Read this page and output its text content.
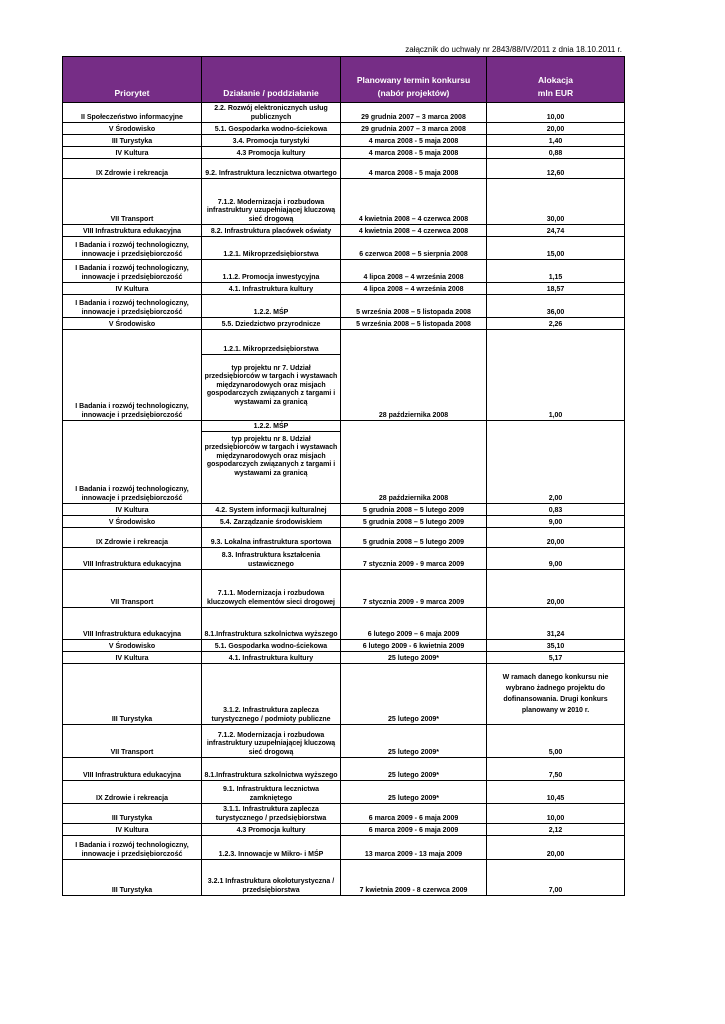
załącznik do uchwały nr 2843/88/IV/2011 z dnia 18.10.2011 r.
Priorytet	Działanie / poddziałanie	Planowany termin konkursu
(nabór projektów)	Alokacja
mln EUR
II Społeczeństwo informacyjne	2.2. Rozwój elektronicznych usług publicznych	29 grudnia 2007 – 3 marca 2008	10,00
V Środowisko	5.1. Gospodarka wodno-ściekowa	29 grudnia 2007 – 3 marca 2008	20,00
III Turystyka	3.4. Promocja turystyki	4 marca 2008 - 5 maja 2008	1,40
IV Kultura	4.3 Promocja kultury	4 marca 2008 - 5 maja 2008	0,88
IX Zdrowie i rekreacja	9.2. Infrastruktura lecznictwa otwartego	4 marca 2008 - 5 maja 2008	12,60
VII Transport	7.1.2. Modernizacja i rozbudowa infrastruktury uzupełniającej kluczową sieć drogową	4 kwietnia 2008 – 4 czerwca 2008	30,00
VIII Infrastruktura edukacyjna	8.2. Infrastruktura placówek oświaty	4 kwietnia 2008 – 4 czerwca 2008	24,74
I Badania i rozwój technologiczny, innowacje i przedsiębiorczość	1.2.1. Mikroprzedsiębiorstwa	6 czerwca 2008 – 5 sierpnia 2008	15,00
I Badania i rozwój technologiczny, innowacje i przedsiębiorczość	1.1.2. Promocja inwestycyjna	4 lipca 2008 – 4 września 2008	1,15
IV Kultura	4.1. Infrastruktura kultury	4 lipca 2008 – 4 września 2008	18,57
I Badania i rozwój technologiczny, innowacje i przedsiębiorczość	1.2.2. MŚP	5 września 2008 – 5 listopada 2008	36,00
V Środowisko	5.5. Dziedzictwo przyrodnicze	5 września 2008 – 5 listopada 2008	2,26
I Badania i rozwój technologiczny, innowacje i przedsiębiorczość	1.2.1. Mikroprzedsiębiorstwa
typ projektu nr 7. Udział przedsiębiorców w targach i wystawach międzynarodowych oraz misjach gospodarczych związanych z targami i wystawami za granicą	28 października 2008	1,00
I Badania i rozwój technologiczny, innowacje i przedsiębiorczość	1.2.2. MŚP
typ projektu nr 8. Udział przedsiębiorców w targach i wystawach międzynarodowych oraz misjach gospodarczych związanych z targami i wystawami za granicą	28 października 2008	2,00
IV Kultura	4.2. System informacji kulturalnej	5 grudnia 2008 – 5 lutego 2009	0,83
V Środowisko	5.4. Zarządzanie środowiskiem	5 grudnia 2008 – 5 lutego 2009	9,00
IX Zdrowie i rekreacja	9.3. Lokalna infrastruktura sportowa	5 grudnia 2008 – 5 lutego 2009	20,00
VIII Infrastruktura edukacyjna	8.3. Infrastruktura kształcenia ustawicznego	7 stycznia 2009 - 9 marca 2009	9,00
VII Transport	7.1.1. Modernizacja i rozbudowa kluczowych elementów sieci drogowej	7 stycznia 2009 - 9 marca 2009	20,00
VIII Infrastruktura edukacyjna	8.1.Infrastruktura szkolnictwa wyższego	6 lutego 2009 – 6 maja 2009	31,24
V Środowisko	5.1. Gospodarka wodno-ściekowa	6 lutego 2009 - 6 kwietnia 2009	35,10
IV Kultura	4.1. Infrastruktura kultury	25 lutego 2009*	5,17
III Turystyka	3.1.2. Infrastruktura zaplecza turystycznego / podmioty publiczne	25 lutego 2009*	W ramach danego konkursu nie wybrano żadnego projektu do dofinansowania. Drugi konkurs planowany w 2010 r.
VII Transport	7.1.2. Modernizacja i rozbudowa infrastruktury uzupełniającej kluczową sieć drogową	25 lutego 2009*	5,00
VIII Infrastruktura edukacyjna	8.1.Infrastruktura szkolnictwa wyższego	25 lutego 2009*	7,50
IX Zdrowie i rekreacja	9.1. Infrastruktura lecznictwa zamkniętego	25 lutego 2009*	10,45
III Turystyka	3.1.1. Infrastruktura zaplecza turystycznego / przedsiębiorstwa	6 marca 2009 - 6 maja 2009	10,00
IV Kultura	4.3 Promocja kultury	6 marca 2009 - 6 maja 2009	2,12
I Badania i rozwój technologiczny, innowacje i przedsiębiorczość	1.2.3. Innowacje w Mikro- i MŚP	13 marca 2009 - 13 maja 2009	20,00
III Turystyka	3.2.1 Infrastruktura okołoturystyczna / przedsiębiorstwa	7 kwietnia 2009 - 8 czerwca 2009	7,00
